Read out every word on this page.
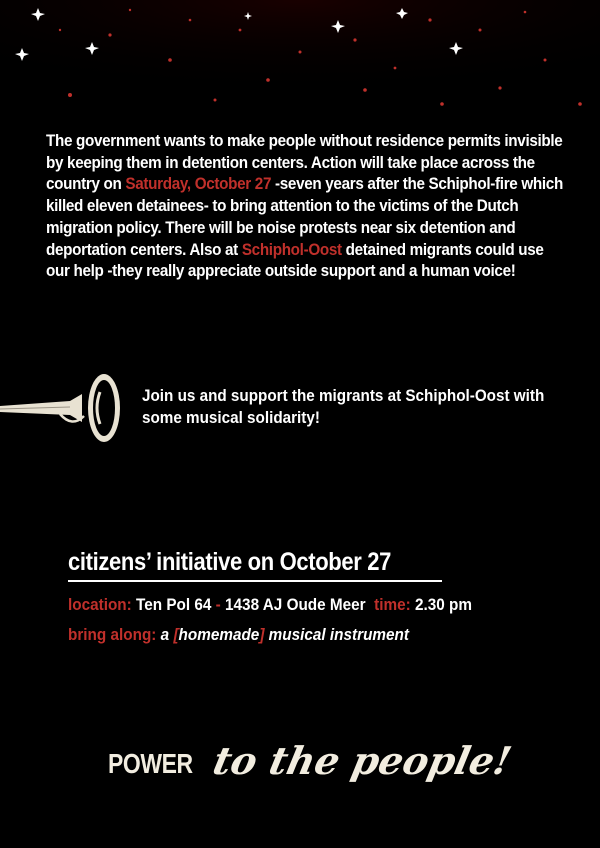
The government wants to make people without residence permits invisible by keeping them in detention centers. Action will take place across the country on Saturday, October 27 -seven years after the Schiphol-fire which killed eleven detainees- to bring attention to the victims of the Dutch migration policy. There will be noise protests near six detention and deportation centers. Also at Schiphol-Oost detained migrants could use our help -they really appreciate outside support and a human voice!
Join us and support the migrants at Schiphol-Oost with some musical solidarity!
citizens’ initiative on October 27
location: Ten Pol 64 - 1438 AJ Oude Meer time: 2.30 pm
bring along: a [homemade] musical instrument
POWER to the people!
